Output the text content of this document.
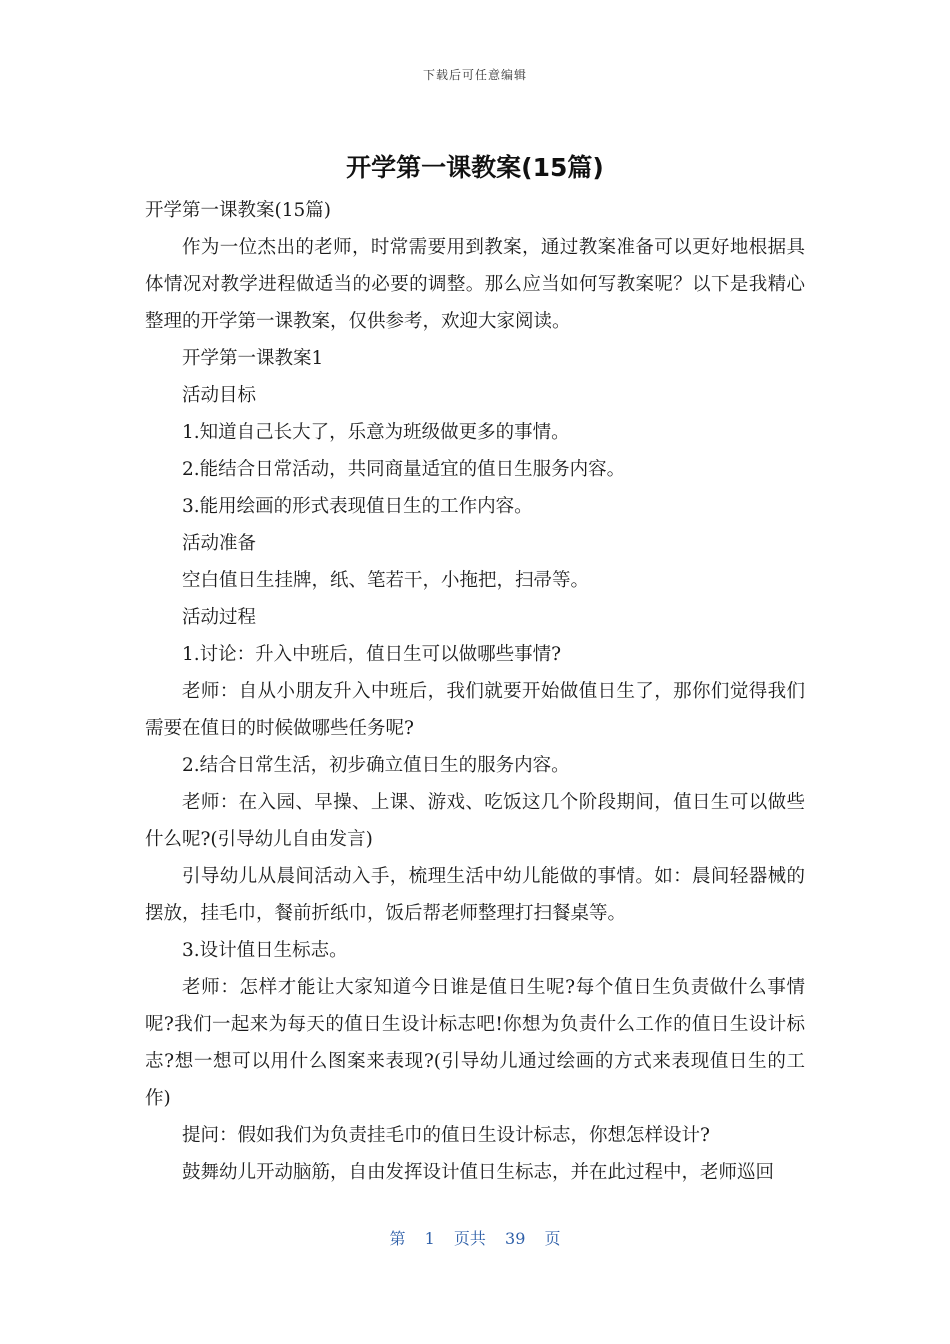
下载后可任意编辑
开学第一课教案(15篇)

开学第一课教案(15篇)

作为一位杰出的老师，时常需要用到教案，通过教案准备可以更好地根据具体情况对教学进程做适当的必要的调整。那么应当如何写教案呢？以下是我精心整理的开学第一课教案，仅供参考，欢迎大家阅读。

开学第一课教案1

活动目标

1.知道自己长大了，乐意为班级做更多的事情。

2.能结合日常活动，共同商量适宜的值日生服务内容。

3.能用绘画的形式表现值日生的工作内容。

活动准备

空白值日生挂牌，纸、笔若干，小拖把，扫帚等。

活动过程

1.讨论：升入中班后，值日生可以做哪些事情?

老师：自从小朋友升入中班后，我们就要开始做值日生了，那你们觉得我们需要在值日的时候做哪些任务呢?

2.结合日常生活，初步确立值日生的服务内容。

老师：在入园、早操、上课、游戏、吃饭这几个阶段期间，值日生可以做些什么呢?(引导幼儿自由发言)

引导幼儿从晨间活动入手，梳理生活中幼儿能做的事情。如：晨间轻器械的摆放，挂毛巾，餐前折纸巾，饭后帮老师整理打扫餐桌等。

3.设计值日生标志。

老师：怎样才能让大家知道今日谁是值日生呢?每个值日生负责做什么事情呢?我们一起来为每天的值日生设计标志吧!你想为负责什么工作的值日生设计标志?想一想可以用什么图案来表现?(引导幼儿通过绘画的方式来表现值日生的工作)

提问：假如我们为负责挂毛巾的值日生设计标志，你想怎样设计?

鼓舞幼儿开动脑筋，自由发挥设计值日生标志，并在此过程中，老师巡回

第 1 页共 39 页
